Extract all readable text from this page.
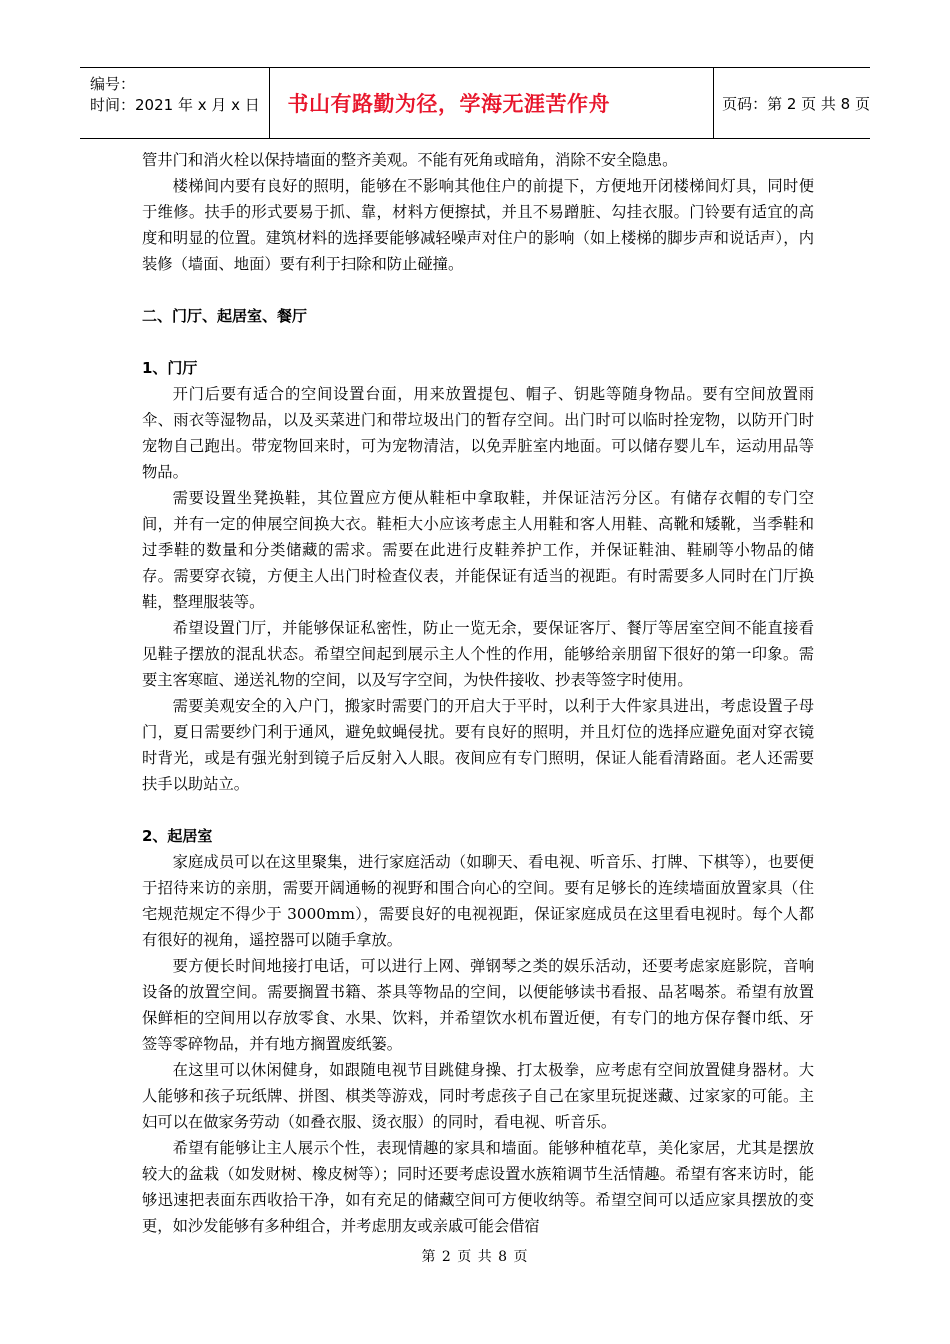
编号：
时间：2021 年 x 月 x 日	书山有路勤为径，学海无涯苦作舟	页码：第 2 页 共 8 页

管井门和消火栓以保持墙面的整齐美观。不能有死角或暗角，消除不安全隐患。

楼梯间内要有良好的照明，能够在不影响其他住户的前提下，方便地开闭楼梯间灯具，同时便于维修。扶手的形式要易于抓、靠，材料方便擦拭，并且不易蹭脏、勾挂衣服。门铃要有适宜的高度和明显的位置。建筑材料的选择要能够减轻噪声对住户的影响（如上楼梯的脚步声和说话声），内装修（墙面、地面）要有利于扫除和防止碰撞。

二、门厅、起居室、餐厅

1、门厅

开门后要有适合的空间设置台面，用来放置提包、帽子、钥匙等随身物品。要有空间放置雨伞、雨衣等湿物品，以及买菜进门和带垃圾出门的暂存空间。出门时可以临时拴宠物，以防开门时宠物自己跑出。带宠物回来时，可为宠物清洁，以免弄脏室内地面。可以储存婴儿车，运动用品等物品。

需要设置坐凳换鞋，其位置应方便从鞋柜中拿取鞋，并保证洁污分区。有储存衣帽的专门空间，并有一定的伸展空间换大衣。鞋柜大小应该考虑主人用鞋和客人用鞋、高靴和矮靴，当季鞋和过季鞋的数量和分类储藏的需求。需要在此进行皮鞋养护工作，并保证鞋油、鞋刷等小物品的储存。需要穿衣镜，方便主人出门时检查仪表，并能保证有适当的视距。有时需要多人同时在门厅换鞋，整理服装等。

希望设置门厅，并能够保证私密性，防止一览无余，要保证客厅、餐厅等居室空间不能直接看见鞋子摆放的混乱状态。希望空间起到展示主人个性的作用，能够给亲朋留下很好的第一印象。需要主客寒暄、递送礼物的空间，以及写字空间，为快件接收、抄表等签字时使用。

需要美观安全的入户门，搬家时需要门的开启大于平时，以利于大件家具进出，考虑设置子母门，夏日需要纱门利于通风，避免蚊蝇侵扰。要有良好的照明，并且灯位的选择应避免面对穿衣镜时背光，或是有强光射到镜子后反射入人眼。夜间应有专门照明，保证人能看清路面。老人还需要扶手以助站立。

2、起居室

家庭成员可以在这里聚集，进行家庭活动（如聊天、看电视、听音乐、打牌、下棋等），也要便于招待来访的亲朋，需要开阔通畅的视野和围合向心的空间。要有足够长的连续墙面放置家具（住宅规范规定不得少于 3000mm），需要良好的电视视距，保证家庭成员在这里看电视时。每个人都有很好的视角，遥控器可以随手拿放。

要方便长时间地接打电话，可以进行上网、弹钢琴之类的娱乐活动，还要考虑家庭影院，音响设备的放置空间。需要搁置书籍、茶具等物品的空间，以便能够读书看报、品茗喝茶。希望有放置保鲜柜的空间用以存放零食、水果、饮料，并希望饮水机布置近便，有专门的地方保存餐巾纸、牙签等零碎物品，并有地方搁置废纸篓。

在这里可以休闲健身，如跟随电视节目跳健身操、打太极拳，应考虑有空间放置健身器材。大人能够和孩子玩纸牌、拼图、棋类等游戏，同时考虑孩子自己在家里玩捉迷藏、过家家的可能。主妇可以在做家务劳动（如叠衣服、烫衣服）的同时，看电视、听音乐。

希望有能够让主人展示个性，表现情趣的家具和墙面。能够种植花草，美化家居，尤其是摆放较大的盆栽（如发财树、橡皮树等）；同时还要考虑设置水族箱调节生活情趣。希望有客来访时，能够迅速把表面东西收拾干净，如有充足的储藏空间可方便收纳等。希望空间可以适应家具摆放的变更，如沙发能够有多种组合，并考虑朋友或亲戚可能会借宿

第 2 页 共 8 页
